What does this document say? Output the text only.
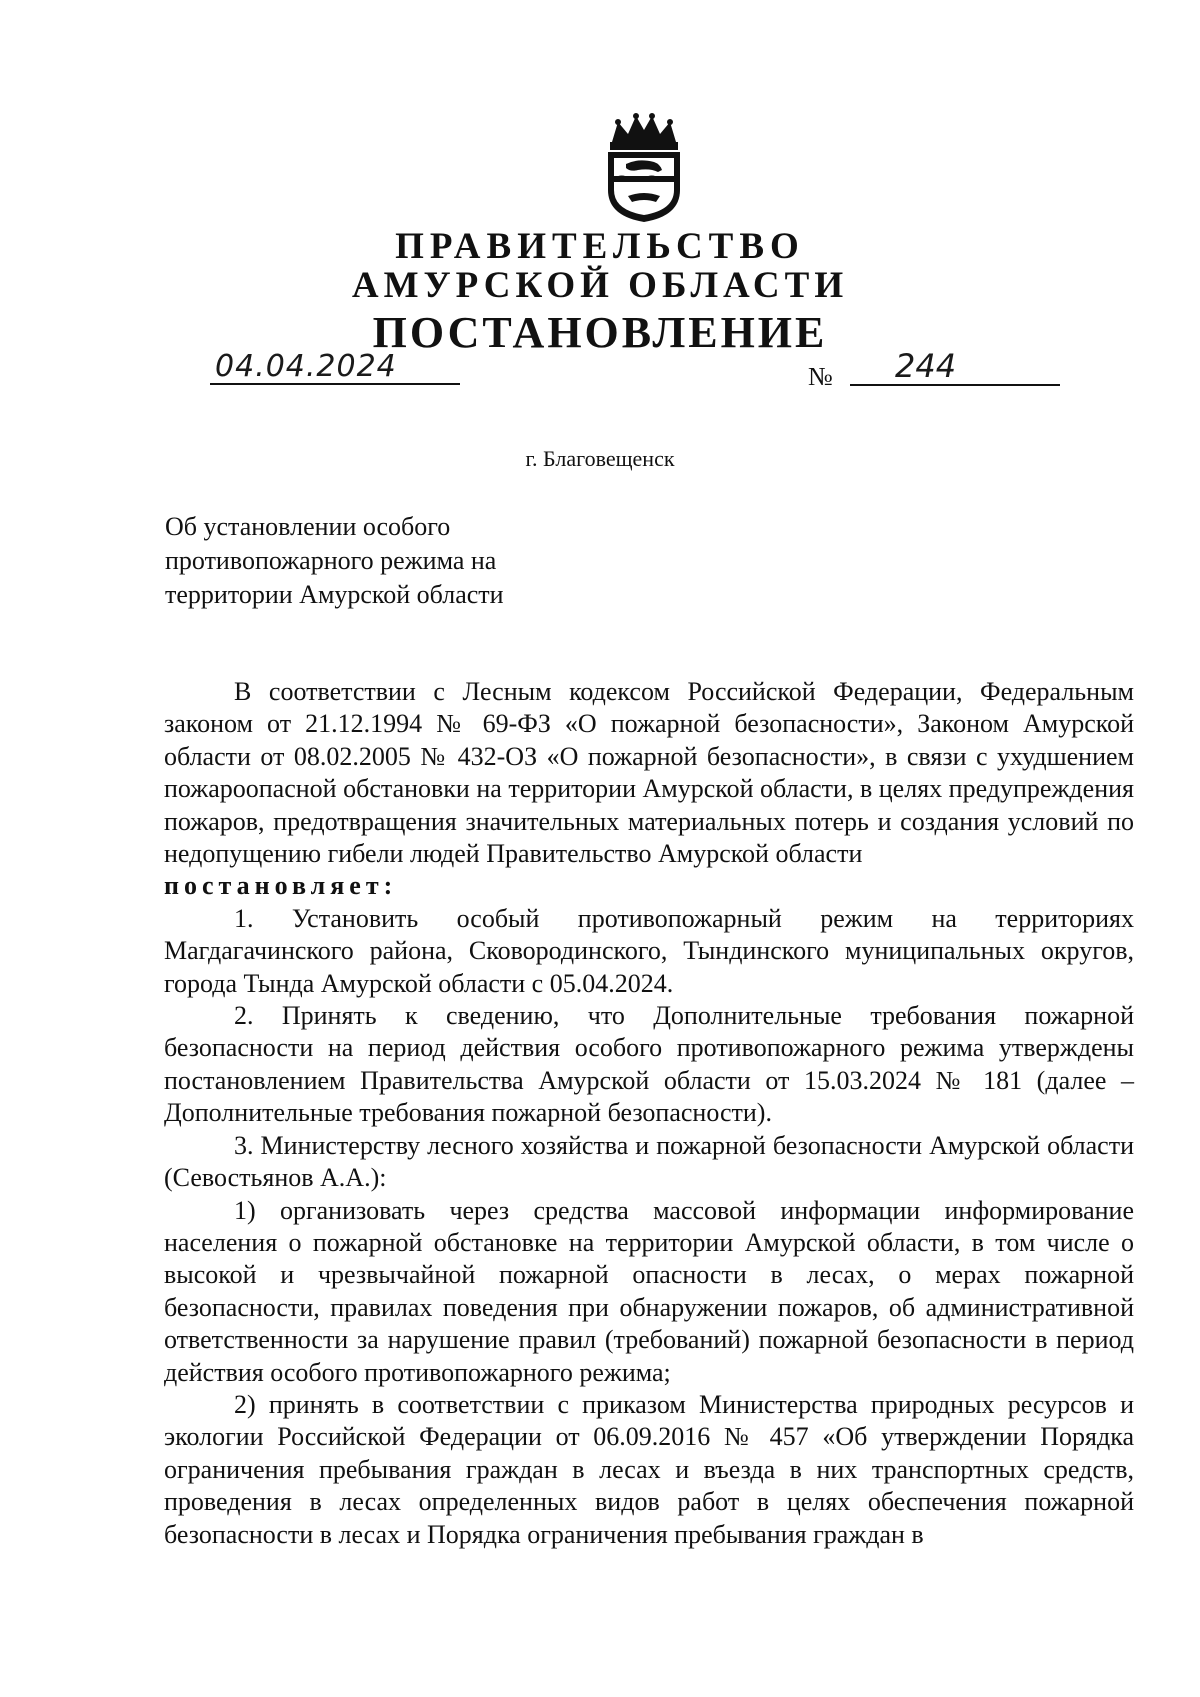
ПРАВИТЕЛЬСТВО
АМУРСКОЙ ОБЛАСТИ
ПОСТАНОВЛЕНИЕ
04.04.2024	№ 244
г. Благовещенск
Об установлении особого
противопожарного режима на
территории Амурской области

В соответствии с Лесным кодексом Российской Федерации, Федеральным законом от 21.12.1994 № 69-ФЗ «О пожарной безопасности», Законом Амурской области от 08.02.2005 № 432-ОЗ «О пожарной безопасности», в связи с ухудшением пожароопасной обстановки на территории Амурской области, в целях предупреждения пожаров, предотвращения значительных материальных потерь и создания условий по недопущению гибели людей Правительство Амурской области

постановляет:

1. Установить особый противопожарный режим на территориях Магдагачинского района, Сковородинского, Тындинского муниципальных округов, города Тында Амурской области с 05.04.2024.

2. Принять к сведению, что Дополнительные требования пожарной безопасности на период действия особого противопожарного режима утверждены постановлением Правительства Амурской области от 15.03.2024 № 181 (далее – Дополнительные требования пожарной безопасности).

3. Министерству лесного хозяйства и пожарной безопасности Амурской области (Севостьянов А.А.):

1) организовать через средства массовой информации информирование населения о пожарной обстановке на территории Амурской области, в том числе о высокой и чрезвычайной пожарной опасности в лесах, о мерах пожарной безопасности, правилах поведения при обнаружении пожаров, об административной ответственности за нарушение правил (требований) пожарной безопасности в период действия особого противопожарного режима;

2) принять в соответствии с приказом Министерства природных ресурсов и экологии Российской Федерации от 06.09.2016 № 457 «Об утверждении Порядка ограничения пребывания граждан в лесах и въезда в них транспортных средств, проведения в лесах определенных видов работ в целях обеспечения пожарной безопасности в лесах и Порядка ограничения пребывания граждан в
